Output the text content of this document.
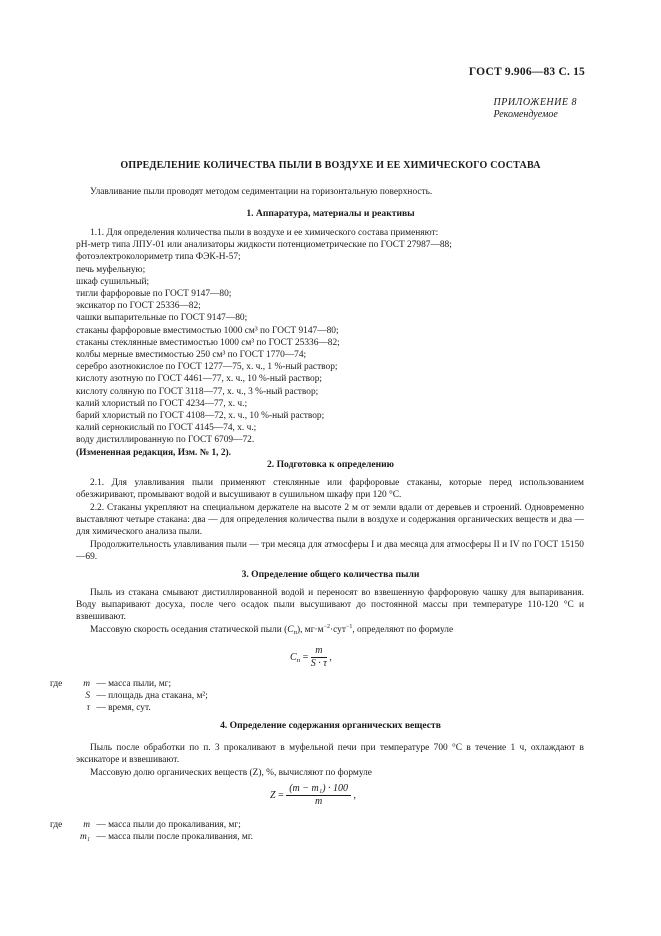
ГОСТ 9.906—83 С. 15
ПРИЛОЖЕНИЕ 8
Рекомендуемое
ОПРЕДЕЛЕНИЕ КОЛИЧЕСТВА ПЫЛИ В ВОЗДУХЕ И ЕЕ ХИМИЧЕСКОГО СОСТАВА
Улавливание пыли проводят методом седиментации на горизонтальную поверхность.
1. Аппаратура, материалы и реактивы
1.1. Для определения количества пыли в воздухе и ее химического состава применяют:
рН-метр типа ЛПУ-01 или анализаторы жидкости потенциометрические по ГОСТ 27987—88;
фотоэлектроколориметр типа ФЭК-Н-57;
печь муфельную;
шкаф сушильный;
тигли фарфоровые по ГОСТ 9147—80;
эксикатор по ГОСТ 25336—82;
чашки выпарительные по ГОСТ 9147—80;
стаканы фарфоровые вместимостью 1000 см³ по ГОСТ 9147—80;
стаканы стеклянные вместимостью 1000 см³ по ГОСТ 25336—82;
колбы мерные вместимостью 250 см³ по ГОСТ 1770—74;
серебро азотнокислое по ГОСТ 1277—75, х. ч., 1 %-ный раствор;
кислоту азотную по ГОСТ 4461—77, х. ч., 10 %-ный раствор;
кислоту соляную по ГОСТ 3118—77, х. ч., 3 %-ный раствор;
калий хлористый по ГОСТ 4234—77, х. ч.;
барий хлористый по ГОСТ 4108—72, х. ч., 10 %-ный раствор;
калий сернокислый по ГОСТ 4145—74, х. ч.;
воду дистиллированную по ГОСТ 6709—72.
(Измененная редакция, Изм. № 1, 2).
2. Подготовка к определению
2.1. Для улавливания пыли применяют стеклянные или фарфоровые стаканы, которые перед использованием обезжиривают, промывают водой и высушивают в сушильном шкафу при 120 °С.
2.2. Стаканы укрепляют на специальном держателе на высоте 2 м от земли вдали от деревьев и строений. Одновременно выставляют четыре стакана: два — для определения количества пыли в воздухе и содержания органических веществ и два — для химического анализа пыли.
Продолжительность улавливания пыли — три месяца для атмосферы I и два месяца для атмосферы II и IV по ГОСТ 15150—69.
3. Определение общего количества пыли
Пыль из стакана смывают дистиллированной водой и переносят во взвешенную фарфоровую чашку для выпаривания. Воду выпаривают досуха, после чего осадок пыли высушивают до постоянной массы при температуре 110-120 °С и взвешивают.
Массовую скорость оседания статической пыли $(C_п)$, $мг\cdot м^{-2}\cdot сут^{-1}$, определяют по формуле
$C_п = \frac{m}{S \cdot \tau}$ ,
где m — масса пыли, мг;
S — площадь дна стакана, м²;
τ — время, сут.
4. Определение содержания органических веществ
Пыль после обработки по п. 3 прокаливают в муфельной печи при температуре 700 °С в течение 1 ч, охлаждают в эксикаторе и взвешивают.
Массовую долю органических веществ (Z), %, вычисляют по формуле
$Z = \frac{\text{(m − m₁) · 100}}{m}$ ,
где m — масса пыли до прокаливания, мг;
m₁ — масса пыли после прокаливания, мг.
